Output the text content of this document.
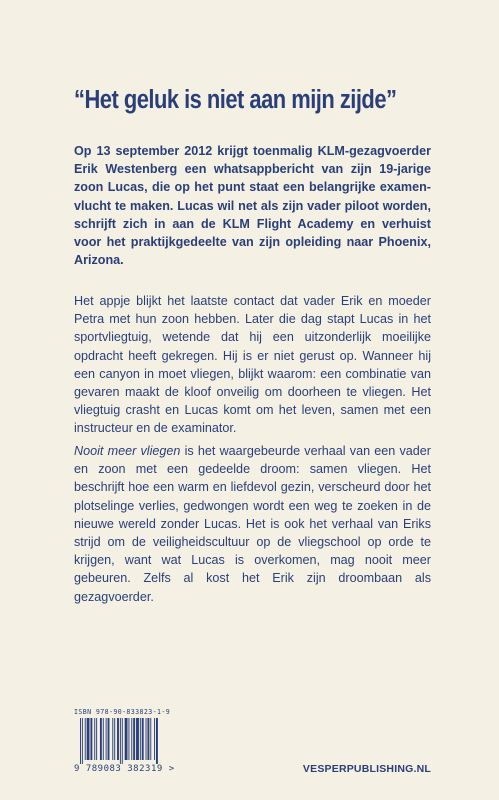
“Het geluk is niet aan mijn zijde”
Op 13 september 2012 krijgt toenmalig KLM-gezagvoerder Erik Westenberg een whatsappbericht van zijn 19-jarige zoon Lucas, die op het punt staat een belangrijke examenvlucht te maken. Lucas wil net als zijn vader piloot worden, schrijft zich in aan de KLM Flight Academy en verhuist voor het praktijkgedeelte van zijn opleiding naar Phoenix, Arizona.

Het appje blijkt het laatste contact dat vader Erik en moeder Petra met hun zoon hebben. Later die dag stapt Lucas in het sportvliegtuig, wetende dat hij een uitzonderlijk moeilijke opdracht heeft gekregen. Hij is er niet gerust op. Wanneer hij een canyon in moet vliegen, blijkt waarom: een combinatie van gevaren maakt de kloof onveilig om doorheen te vliegen. Het vliegtuig crasht en Lucas komt om het leven, samen met een instructeur en de examinator.

Nooit meer vliegen is het waargebeurde verhaal van een vader en zoon met een gedeelde droom: samen vliegen. Het beschrijft hoe een warm en liefdevol gezin, verscheurd door het plotselinge verlies, gedwongen wordt een weg te zoeken in de nieuwe wereld zonder Lucas. Het is ook het verhaal van Eriks strijd om de veiligheidscultuur op de vliegschool op orde te krijgen, want wat Lucas is overkomen, mag nooit meer gebeuren. Zelfs al kost het Erik zijn droombaan als gezagvoerder.

ISBN 978-90-833823-1-9
9 789083 382319 >	VESPERPUBLISHING.NL
